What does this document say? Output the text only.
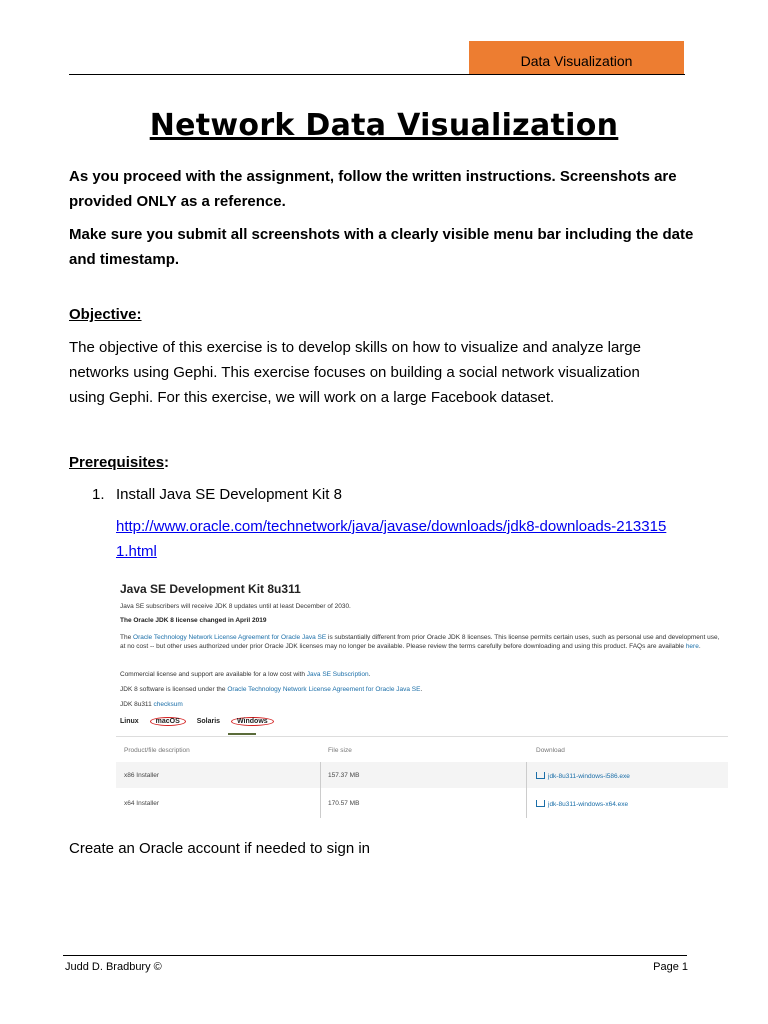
Data Visualization
Network Data Visualization

As you proceed with the assignment, follow the written instructions. Screenshots are provided ONLY as a reference.

Make sure you submit all screenshots with a clearly visible menu bar including the date and timestamp.

Objective:

The objective of this exercise is to develop skills on how to visualize and analyze large networks using Gephi. This exercise focuses on building a social network visualization using Gephi. For this exercise, we will work on a large Facebook dataset.

Prerequisites:

1. Install Java SE Development Kit 8
http://www.oracle.com/technetwork/java/javase/downloads/jdk8-downloads-2133151.html
Java SE Development Kit 8u311
Java SE subscribers will receive JDK 8 updates until at least December of 2030.
The Oracle JDK 8 license changed in April 2019
The Oracle Technology Network License Agreement for Oracle Java SE is substantially different from prior Oracle JDK 8 licenses. This license permits certain uses, such as personal use and development use, at no cost -- but other uses authorized under prior Oracle JDK licenses may no longer be available. Please review the terms carefully before downloading and using this product. FAQs are available here.
Commercial license and support are available for a low cost with Java SE Subscription.
JDK 8 software is licensed under the Oracle Technology Network License Agreement for Oracle Java SE.
JDK 8u311 checksum
Linux macOS Solaris Windows
Product/file description	File size	Download
x86 Installer	157.37 MB	jdk-8u311-windows-i586.exe
x64 Installer	170.57 MB	jdk-8u311-windows-x64.exe

Create an Oracle account if needed to sign in

Judd D. Bradbury ©	Page 1
